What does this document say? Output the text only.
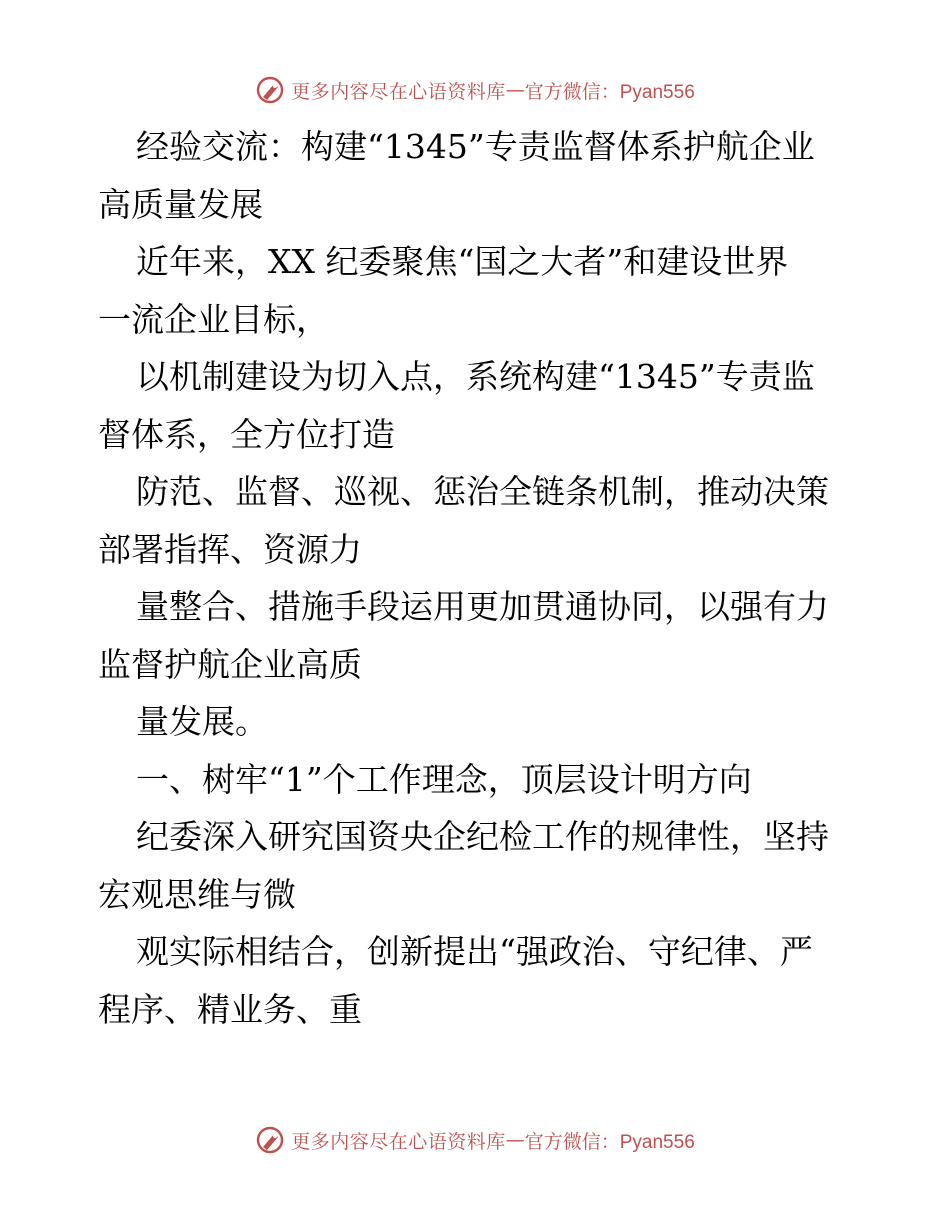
更多内容尽在心语资料库 — 官方微信：Pyan556
经验交流：构建“1345”专责监督体系护航企业
高质量发展
近年来，XX 纪委聚焦“国之大者”和建设世界
一流企业目标，
以机制建设为切入点，系统构建“1345”专责监
督体系，全方位打造
防范、监督、巡视、惩治全链条机制，推动决策
部署指挥、资源力
量整合、措施手段运用更加贯通协同，以强有力
监督护航企业高质
量发展。
一、树牢“1”个工作理念，顶层设计明方向
纪委深入研究国资央企纪检工作的规律性，坚持
宏观思维与微
观实际相结合，创新提出“强政治、守纪律、严
程序、精业务、重
更多内容尽在心语资料库 — 官方微信：Pyan556
